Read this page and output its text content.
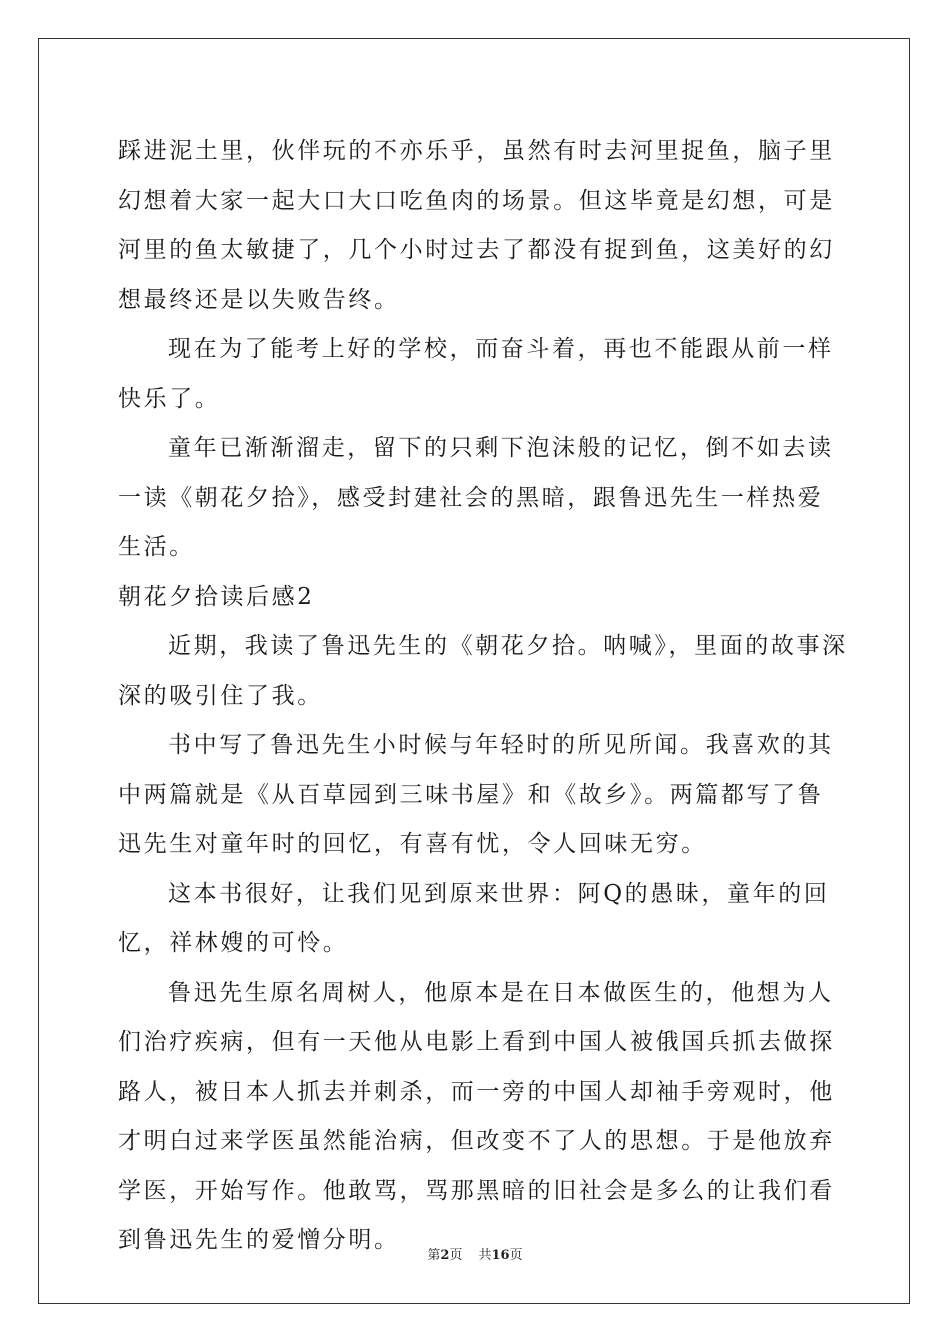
踩进泥土里，伙伴玩的不亦乐乎，虽然有时去河里捉鱼，脑子里幻想着大家一起大口大口吃鱼肉的场景。但这毕竟是幻想，可是河里的鱼太敏捷了，几个小时过去了都没有捉到鱼，这美好的幻想最终还是以失败告终。

现在为了能考上好的学校，而奋斗着，再也不能跟从前一样快乐了。

童年已渐渐溜走，留下的只剩下泡沫般的记忆，倒不如去读一读《朝花夕拾》，感受封建社会的黑暗，跟鲁迅先生一样热爱生活。

朝花夕拾读后感2

近期，我读了鲁迅先生的《朝花夕拾。呐喊》，里面的故事深深的吸引住了我。

书中写了鲁迅先生小时候与年轻时的所见所闻。我喜欢的其中两篇就是《从百草园到三味书屋》和《故乡》。两篇都写了鲁迅先生对童年时的回忆，有喜有忧，令人回味无穷。

这本书很好，让我们见到原来世界：阿Q的愚昧，童年的回忆，祥林嫂的可怜。

鲁迅先生原名周树人，他原本是在日本做医生的，他想为人们治疗疾病，但有一天他从电影上看到中国人被俄国兵抓去做探路人，被日本人抓去并刺杀，而一旁的中国人却袖手旁观时，他才明白过来学医虽然能治病，但改变不了人的思想。于是他放弃学医，开始写作。他敢骂，骂那黑暗的旧社会是多么的让我们看到鲁迅先生的爱憎分明。

第2页 共16页
